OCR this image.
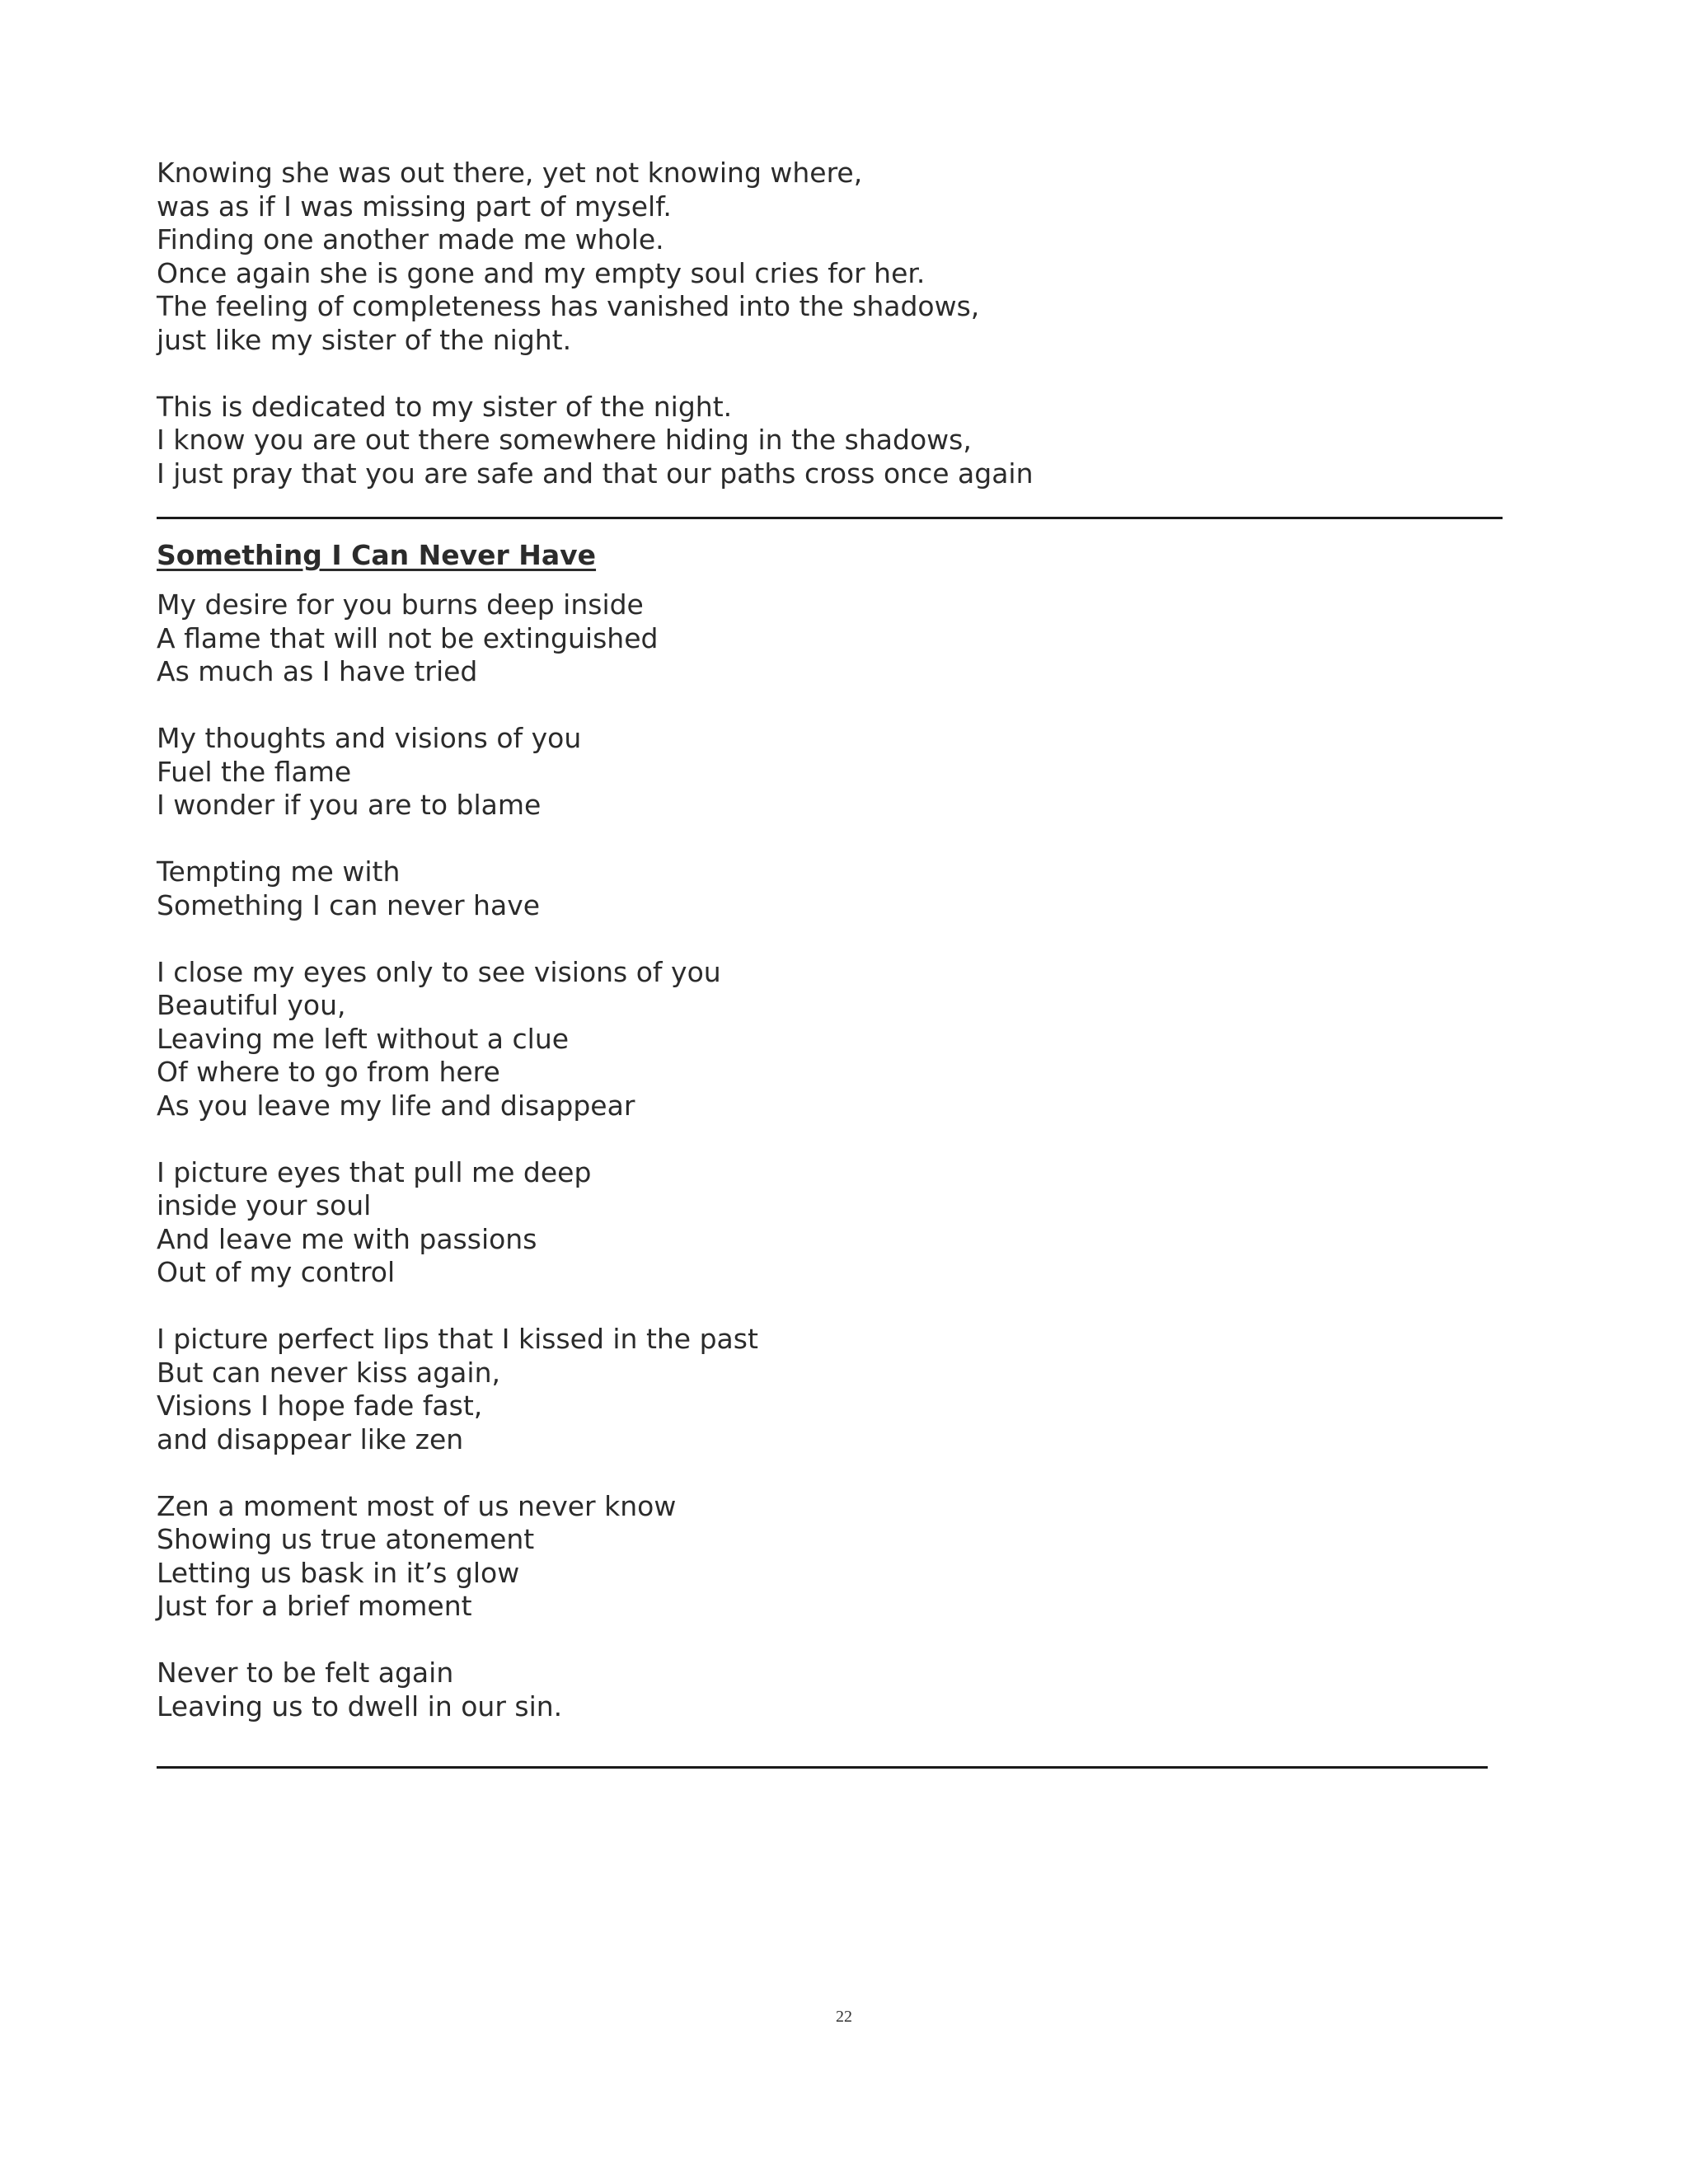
Knowing she was out there, yet not knowing where,
was as if I was missing part of myself.
Finding one another made me whole.
Once again she is gone and my empty soul cries for her.
The feeling of completeness has vanished into the shadows,
just like my sister of the night.
This is dedicated to my sister of the night.
I know you are out there somewhere hiding in the shadows,
I just pray that you are safe and that our paths cross once again
Something I Can Never Have
My desire for you burns deep inside
A flame that will not be extinguished
As much as I have tried
My thoughts and visions of you
Fuel the flame
I wonder if you are to blame
Tempting me with
Something I can never have
I close my eyes only to see visions of you
Beautiful you,
Leaving me left without a clue
Of where to go from here
As you leave my life and disappear
I picture eyes that pull me deep
inside your soul
And leave me with passions
Out of my control
I picture perfect lips that I kissed in the past
But can never kiss again,
Visions I hope fade fast,
and disappear like zen
Zen a moment most of us never know
Showing us true atonement
Letting us bask in it’s glow
Just for a brief moment
Never to be felt again
Leaving us to dwell in our sin.
22
